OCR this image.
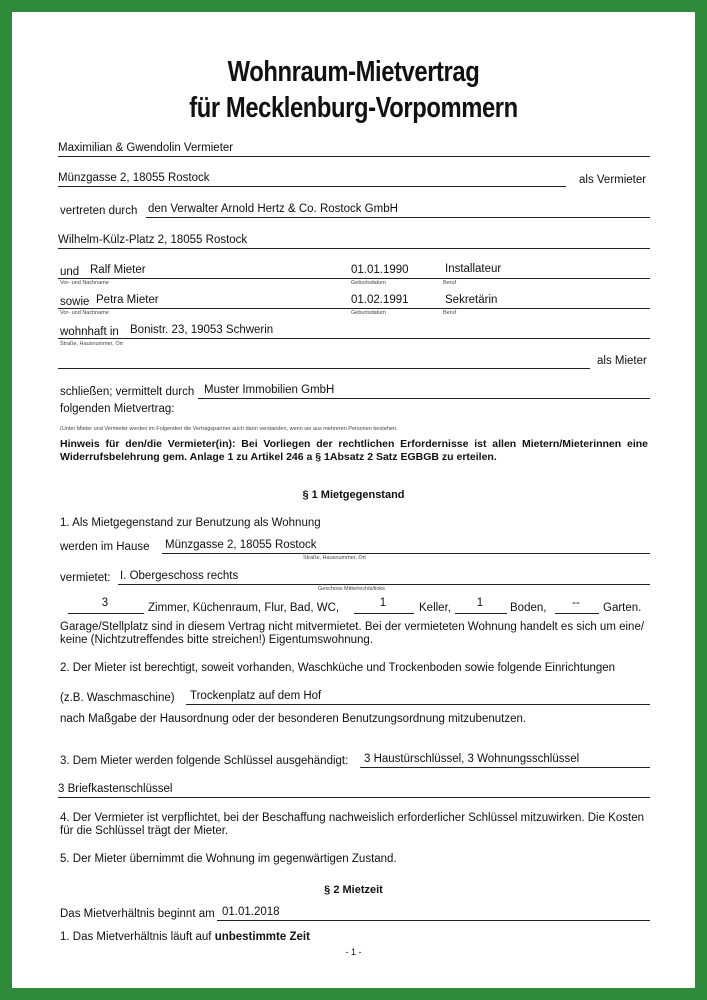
Wohnraum-Mietvertrag
für Mecklenburg-Vorpommern
Maximilian & Gwendolin Vermieter
Münzgasse 2, 18055 Rostock	als Vermieter
vertreten durch den Verwalter Arnold Hertz & Co. Rostock GmbH
Wilhelm-Külz-Platz 2, 18055 Rostock
und Ralf Mieter	01.01.1990	Installateur
Vor- und Nachname	Geburtsdatum	Beruf
sowie Petra Mieter	01.02.1991	Sekretärin
Vor- und Nachname	Geburtsdatum	Beruf
wohnhaft in Bonistr. 23, 19053 Schwerin
Straße, Hausnummer, Ort
als Mieter
schließen; vermittelt durch Muster Immobilien GmbH
folgenden Mietvertrag:
(Unter Mieter und Vermieter werden im Folgenden die Vertragspartner auch dann verstanden, wenn sie aus mehreren Personen bestehen.
Hinweis für den/die Vermieter(in): Bei Vorliegen der rechtlichen Erfordernisse ist allen Mietern/Mieterinnen eine Widerrufsbelehrung gem. Anlage 1 zu Artikel 246 a § 1Absatz 2 Satz EGBGB zu erteilen.
§ 1 Mietgegenstand
1. Als Mietgegenstand zur Benutzung als Wohnung
werden im Hause Münzgasse 2, 18055 Rostock
Straße, Hausnummer, Ort
vermietet: I. Obergeschoss rechts
Geschoss Mitte/rechts/links
3	Zimmer, Küchenraum, Flur, Bad, WC,	1	Keller,	1	Boden,	--	Garten.
Garage/Stellplatz sind in diesem Vertrag nicht mitvermietet. Bei der vermieteten Wohnung handelt es sich um eine/ keine (Nichtzutreffendes bitte streichen!) Eigentumswohnung.
2. Der Mieter ist berechtigt, soweit vorhanden, Waschküche und Trockenboden sowie folgende Einrichtungen
(z.B. Waschmaschine) Trockenplatz auf dem Hof
nach Maßgabe der Hausordnung oder der besonderen Benutzungsordnung mitzubenutzen.
3. Dem Mieter werden folgende Schlüssel ausgehändigt: 3 Haustürschlüssel, 3 Wohnungsschlüssel
3 Briefkastenschlüssel
4. Der Vermieter ist verpflichtet, bei der Beschaffung nachweislich erforderlicher Schlüssel mitzuwirken. Die Kosten für die Schlüssel trägt der Mieter.
5. Der Mieter übernimmt die Wohnung im gegenwärtigen Zustand.
§ 2 Mietzeit
Das Mietverhältnis beginnt am 01.01.2018
1. Das Mietverhältnis läuft auf unbestimmte Zeit
- 1 -
